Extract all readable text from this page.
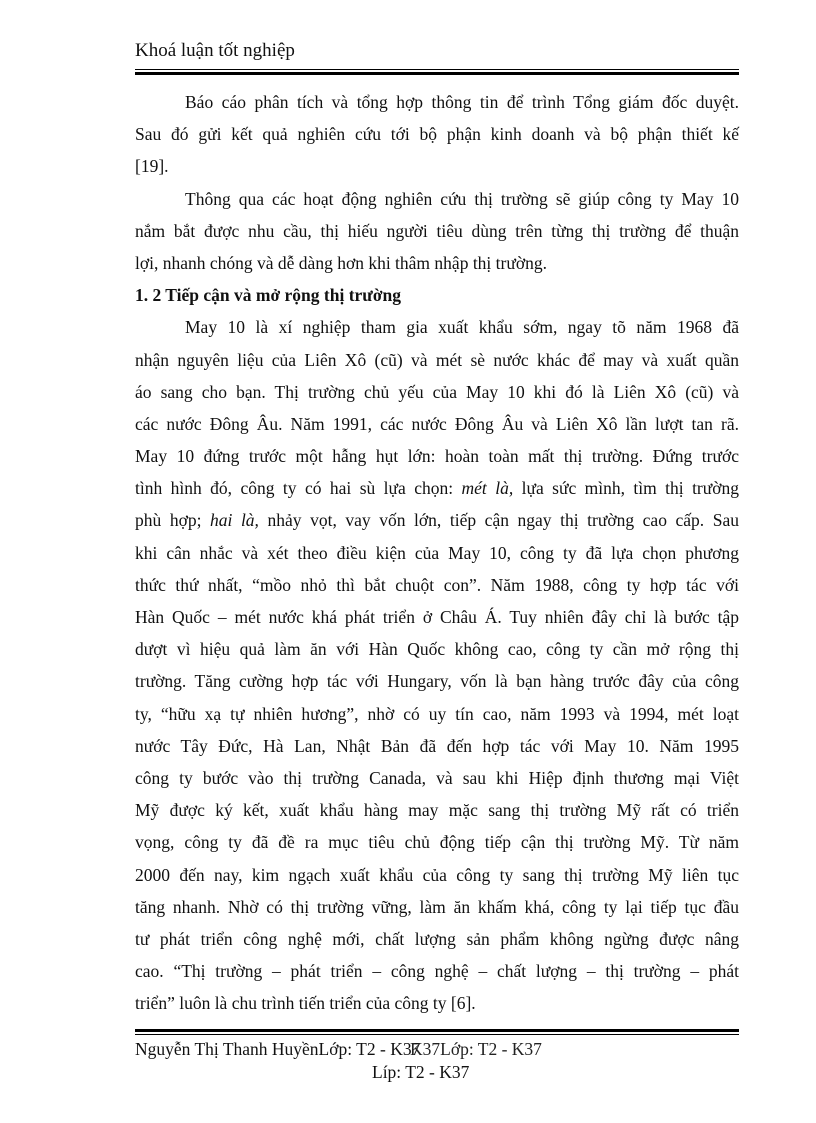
Khoá luận tốt nghiệp
Báo cáo phân tích và tổng hợp thông tin để trình Tổng giám đốc duyệt.
Sau đó gửi kết quả nghiên cứu tới bộ phận kinh doanh và bộ phận thiết kế
[19].
Thông qua các hoạt động nghiên cứu thị trường sẽ giúp công ty May 10
nắm bắt được nhu cầu, thị hiếu người tiêu dùng trên từng thị trường để thuận
lợi, nhanh chóng và dễ dàng hơn khi thâm nhập thị trường.
1. 2 Tiếp cận và mở rộng thị trường
May 10 là xí nghiệp tham gia xuất khẩu sớm, ngay tõ năm 1968 đã
nhận nguyên liệu của Liên Xô (cũ) và mét sè nước khác để may và xuất quần
áo sang cho bạn. Thị trường chủ yếu của May 10 khi đó là Liên Xô (cũ) và
các nước Đông Âu. Năm 1991, các nước Đông Âu và Liên Xô lần lượt tan rã.
May 10 đứng trước một hẫng hụt lớn: hoàn toàn mất thị trường. Đứng trước
tình hình đó, công ty có hai sù lựa chọn: mét là, lựa sức mình, tìm thị trường
phù hợp; hai là, nhảy vọt, vay vốn lớn, tiếp cận ngay thị trường cao cấp. Sau
khi cân nhắc và xét theo điều kiện của May 10, công ty đã lựa chọn phương
thức thứ nhất, “mồo nhỏ thì bắt chuột con”. Năm 1988, công ty hợp tác với
Hàn Quốc – mét nước khá phát triển ở Châu Á. Tuy nhiên đây chỉ là bước tập
dượt vì hiệu quả làm ăn với Hàn Quốc không cao, công ty cần mở rộng thị
trường. Tăng cường hợp tác với Hungary, vốn là bạn hàng trước đây của công
ty, “hữu xạ tự nhiên hương”, nhờ có uy tín cao, năm 1993 và 1994, mét loạt
nước Tây Đức, Hà Lan, Nhật Bản đã đến hợp tác với May 10. Năm 1995
công ty bước vào thị trường Canada, và sau khi Hiệp định thương mại Việt
Mỹ được ký kết, xuất khẩu hàng may mặc sang thị trường Mỹ rất có triển
vọng, công ty đã đề ra mục tiêu chủ động tiếp cận thị trường Mỹ. Từ năm
2000 đến nay, kim ngạch xuất khẩu của công ty sang thị trường Mỹ liên tục
tăng nhanh. Nhờ có thị trường vững, làm ăn khấm khá, công ty lại tiếp tục đầu
tư phát triển công nghệ mới, chất lượng sản phẩm không ngừng được nâng
cao. “Thị trường – phát triển – công nghệ – chất lượng – thị trường – phát
triển” luôn là chu trình tiến triển của công ty [6].
Nguyễn Thị Thanh HuyềnLớp: T2 - K37
K37Lớp: T2 - K37
Líp: T2 - K37
